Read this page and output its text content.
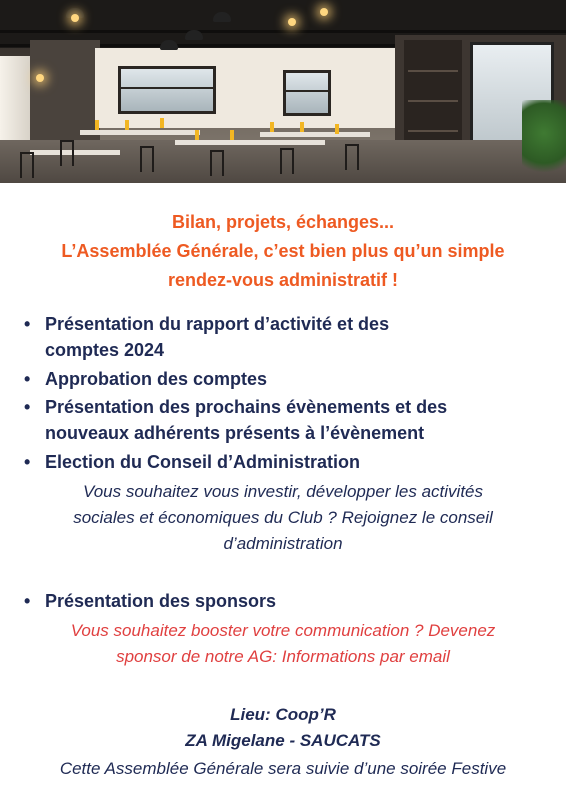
Bilan, projets, échanges...
L’Assemblée Générale, c’est bien plus qu’un simple
rendez-vous administratif !
• Présentation du rapport d’activité et des
comptes 2024
• Approbation des comptes
• Présentation des prochains évènements et des
nouveaux adhérents présents à l’évènement
• Election du Conseil d’Administration
Vous souhaitez vous investir, développer les activités
sociales et économiques du Club ? Rejoignez le conseil
d’administration
• Présentation des sponsors
Vous souhaitez booster votre communication ? Devenez
sponsor de notre AG: Informations par email
Lieu: Coop’R
ZA Migelane - SAUCATS
Cette Assemblée Générale sera suivie d’une soirée Festive
